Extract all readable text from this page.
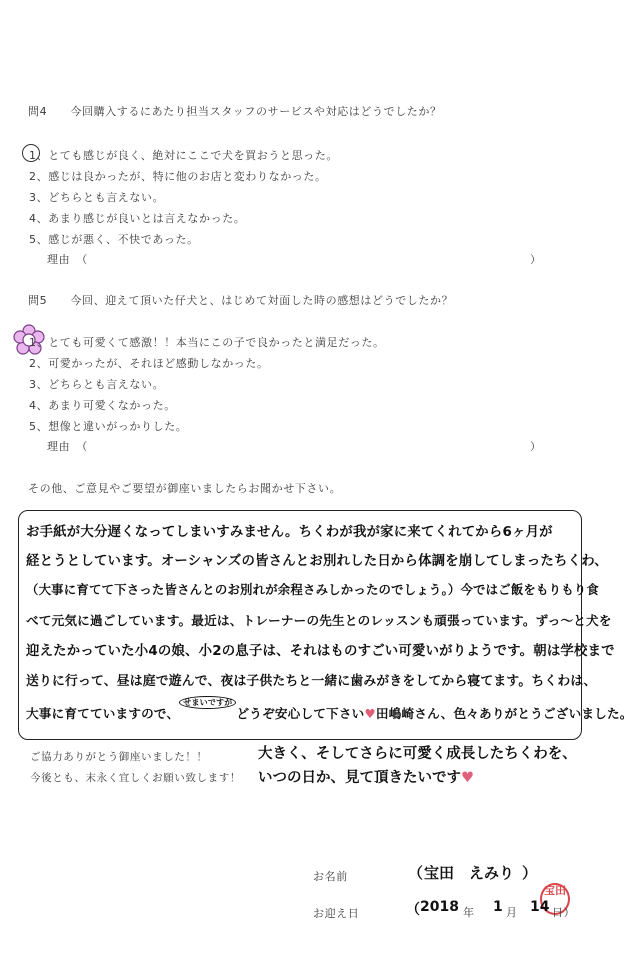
問4　　今回購入するにあたり担当スタッフのサービスや対応はどうでしたか？
1、とても感じが良く、絶対にここで犬を買おうと思った。
2、感じは良かったが、特に他のお店と変わりなかった。
3、どちらとも言えない。
4、あまり感じが良いとは言えなかった。
5、感じが悪く、不快であった。
理由　（	）
問5　　今回、迎えて頂いた仔犬と、はじめて対面した時の感想はどうでしたか？
1、とても可愛くて感激！！本当にこの子で良かったと満足だった。
2、可愛かったが、それほど感動しなかった。
3、どちらとも言えない。
4、あまり可愛くなかった。
5、想像と違いがっかりした。
理由　（	）
その他、ご意見やご要望が御座いましたらお聞かせ下さい。
お手紙が大分遅くなってしまいすみません。ちくわが我が家に来てくれてから6ヶ月が
経とうとしています。オーシャンズの皆さんとお別れした日から体調を崩してしまったちくわ、
（大事に育てて下さった皆さんとのお別れが余程さみしかったのでしょう。）今ではご飯をもりもり食
べて元気に過ごしています。最近は、トレーナーの先生とのレッスンも頑張っています。ずっ〜と犬を
迎えたかっていた小4の娘、小2の息子は、それはものすごい可愛いがりようです。朝は学校まで
送りに行って、昼は庭で遊んで、夜は子供たちと一緒に歯みがきをしてから寝てます。ちくわは、
大事に育てていますので、せまいですがどうぞ安心して下さい♥田嶋崎さん、色々ありがとうございました。
ご協力ありがとう御座いました！！
今後とも、末永く宜しくお願い致します！
大きく、そしてさらに可愛く成長したちくわを、
いつの日か、見て頂きたいです♥
お名前	（ 宝田　えみり ）
宝田
お迎え日	（ 2018 年 1 月 14 日）
